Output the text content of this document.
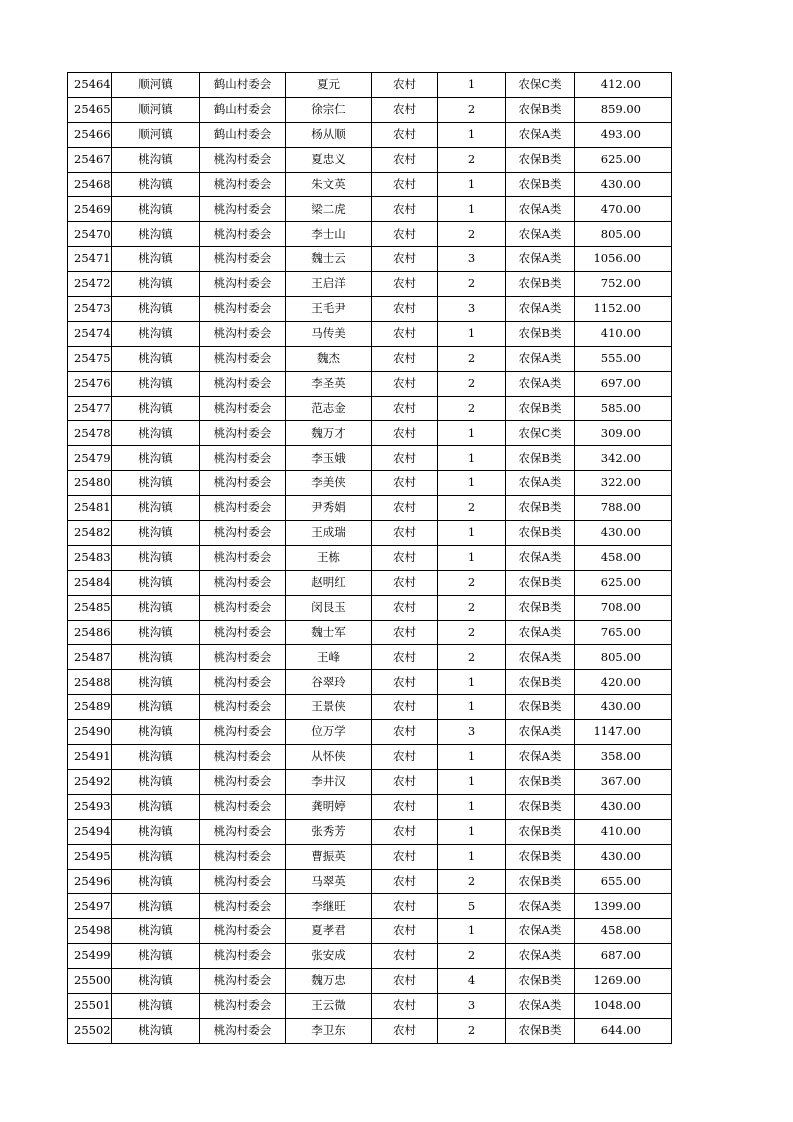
25464	顺河镇	鹤山村委会	夏元	农村	1	农保C类	412.00
25465	顺河镇	鹤山村委会	徐宗仁	农村	2	农保B类	859.00
25466	顺河镇	鹤山村委会	杨从顺	农村	1	农保A类	493.00
25467	桃沟镇	桃沟村委会	夏忠义	农村	2	农保B类	625.00
25468	桃沟镇	桃沟村委会	朱文英	农村	1	农保B类	430.00
25469	桃沟镇	桃沟村委会	梁二虎	农村	1	农保A类	470.00
25470	桃沟镇	桃沟村委会	李士山	农村	2	农保A类	805.00
25471	桃沟镇	桃沟村委会	魏士云	农村	3	农保A类	1056.00
25472	桃沟镇	桃沟村委会	王启洋	农村	2	农保B类	752.00
25473	桃沟镇	桃沟村委会	王毛尹	农村	3	农保A类	1152.00
25474	桃沟镇	桃沟村委会	马传美	农村	1	农保B类	410.00
25475	桃沟镇	桃沟村委会	魏杰	农村	2	农保A类	555.00
25476	桃沟镇	桃沟村委会	李圣英	农村	2	农保A类	697.00
25477	桃沟镇	桃沟村委会	范志金	农村	2	农保B类	585.00
25478	桃沟镇	桃沟村委会	魏万才	农村	1	农保C类	309.00
25479	桃沟镇	桃沟村委会	李玉娥	农村	1	农保B类	342.00
25480	桃沟镇	桃沟村委会	李美侠	农村	1	农保A类	322.00
25481	桃沟镇	桃沟村委会	尹秀娟	农村	2	农保B类	788.00
25482	桃沟镇	桃沟村委会	王成瑞	农村	1	农保B类	430.00
25483	桃沟镇	桃沟村委会	王栋	农村	1	农保A类	458.00
25484	桃沟镇	桃沟村委会	赵明红	农村	2	农保B类	625.00
25485	桃沟镇	桃沟村委会	闵艮玉	农村	2	农保B类	708.00
25486	桃沟镇	桃沟村委会	魏士军	农村	2	农保A类	765.00
25487	桃沟镇	桃沟村委会	王峰	农村	2	农保A类	805.00
25488	桃沟镇	桃沟村委会	谷翠玲	农村	1	农保B类	420.00
25489	桃沟镇	桃沟村委会	王景侠	农村	1	农保B类	430.00
25490	桃沟镇	桃沟村委会	位万学	农村	3	农保A类	1147.00
25491	桃沟镇	桃沟村委会	从怀侠	农村	1	农保A类	358.00
25492	桃沟镇	桃沟村委会	李井汉	农村	1	农保B类	367.00
25493	桃沟镇	桃沟村委会	龚明婷	农村	1	农保B类	430.00
25494	桃沟镇	桃沟村委会	张秀芳	农村	1	农保B类	410.00
25495	桃沟镇	桃沟村委会	曹振英	农村	1	农保B类	430.00
25496	桃沟镇	桃沟村委会	马翠英	农村	2	农保B类	655.00
25497	桃沟镇	桃沟村委会	李继旺	农村	5	农保A类	1399.00
25498	桃沟镇	桃沟村委会	夏孝君	农村	1	农保A类	458.00
25499	桃沟镇	桃沟村委会	张安成	农村	2	农保A类	687.00
25500	桃沟镇	桃沟村委会	魏万忠	农村	4	农保B类	1269.00
25501	桃沟镇	桃沟村委会	王云微	农村	3	农保A类	1048.00
25502	桃沟镇	桃沟村委会	李卫东	农村	2	农保B类	644.00
